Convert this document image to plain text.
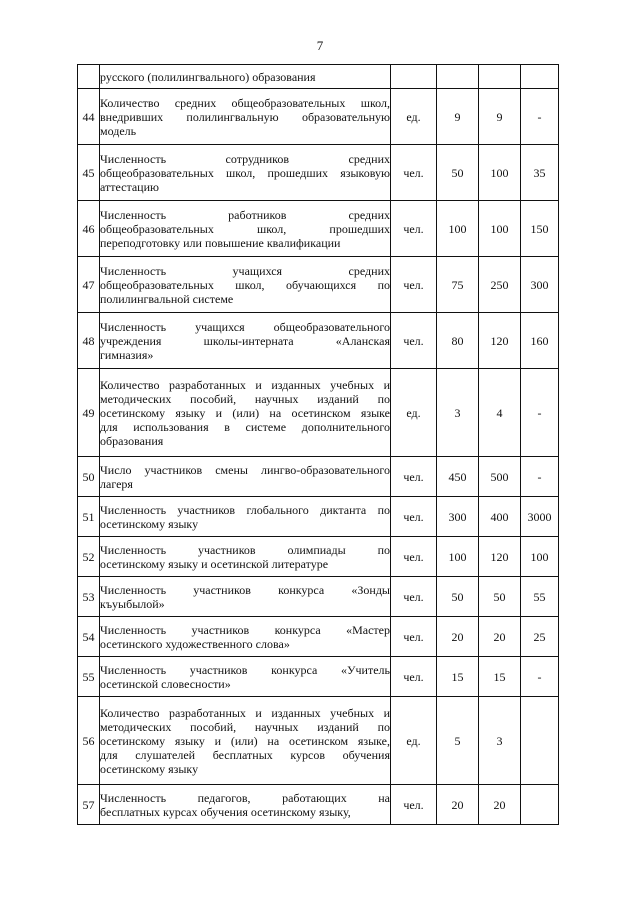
7

	русского (полилингвального) образования				

44	Количество средних общеобразовательных школ,
внедривших полилингвальную образовательную
модель	ед.	9	9	-
45	Численность сотрудников средних
общеобразовательных школ, прошедших языковую
аттестацию	чел.	50	100	35
46	Численность работников средних
общеобразовательных школ, прошедших
переподготовку или повышение квалификации	чел.	100	100	150
47	Численность учащихся средних
общеобразовательных школ, обучающихся по
полилингвальной системе	чел.	75	250	300
48	Численность учащихся общеобразовательного
учреждения школы-интерната «Аланская
гимназия»	чел.	80	120	160
49	Количество разработанных и изданных учебных и
методических пособий, научных изданий по
осетинскому языку и (или) на осетинском языке
для использования в системе дополнительного
образования	ед.	3	4	-
50	Число участников смены лингво-образовательного
лагеря	чел.	450	500	-
51	Численность участников глобального диктанта по
осетинскому языку	чел.	300	400	3000
52	Численность участников олимпиады по
осетинскому языку и осетинской литературе	чел.	100	120	100
53	Численность участников конкурса «Зонды
къуыбылой»	чел.	50	50	55
54	Численность участников конкурса «Мастер
осетинского художественного слова»	чел.	20	20	25
55	Численность участников конкурса «Учитель
осетинской словесности»	чел.	15	15	-
56	Количество разработанных и изданных учебных и
методических пособий, научных изданий по
осетинскому языку и (или) на осетинском языке,
для слушателей бесплатных курсов обучения
осетинскому языку	ед.	5	3	
57	Численность педагогов, работающих на
бесплатных курсах обучения осетинскому языку,	чел.	20	20	
